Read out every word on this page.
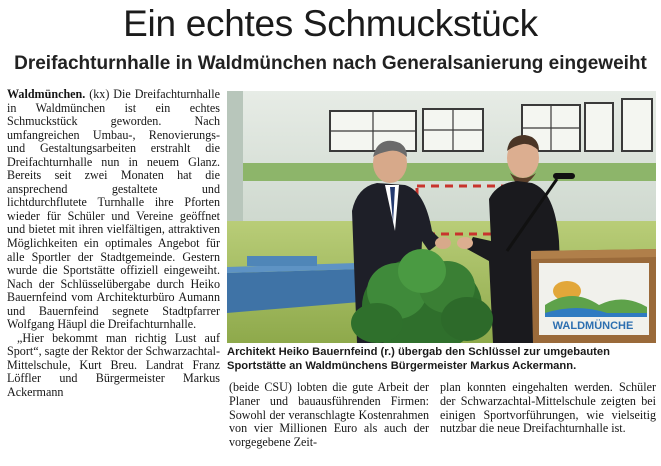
Ein echtes Schmuckstück
Dreifachturnhalle in Waldmünchen nach Generalsanierung eingeweiht

Waldmünchen. (kx) Die Dreifachturnhalle in Waldmünchen ist ein echtes Schmuckstück geworden. Nach umfangreichen Umbau-, Renovierungs- und Gestaltungsarbeiten erstrahlt die Dreifachturnhalle nun in neuem Glanz. Bereits seit zwei Monaten hat die ansprechend gestaltete und lichtdurchflutete Turnhalle ihre Pforten wieder für Schüler und Vereine geöffnet und bietet mit ihren vielfältigen, attraktiven Möglichkeiten ein optimales Angebot für alle Sportler der Stadtgemeinde. Gestern wurde die Sportstätte offiziell eingeweiht. Nach der Schlüsselübergabe durch Heiko Bauernfeind vom Architekturbüro Aumann und Bauernfeind segnete Stadtpfarrer Wolfgang Häupl die Dreifachturnhalle.

„Hier bekommt man richtig Lust auf Sport“, sagte der Rektor der Schwarzachtal-Mittelschule, Kurt Breu. Landrat Franz Löffler und Bürgermeister Markus Ackermann

WALDMÜNCHE
Architekt Heiko Bauernfeind (r.) übergab den Schlüssel zur umgebauten Sportstätte an Waldmünchens Bürgermeister Markus Ackermann.

(beide CSU) lobten die gute Arbeit der Planer und bauausführenden Firmen: Sowohl der veranschlagte Kostenrahmen von vier Millionen Euro als auch der vorgegebene Zeit-

plan konnten eingehalten werden. Schüler der Schwarzachtal-Mittelschule zeigten bei einigen Sportvorführungen, wie vielseitig nutzbar die neue Dreifachturnhalle ist.
